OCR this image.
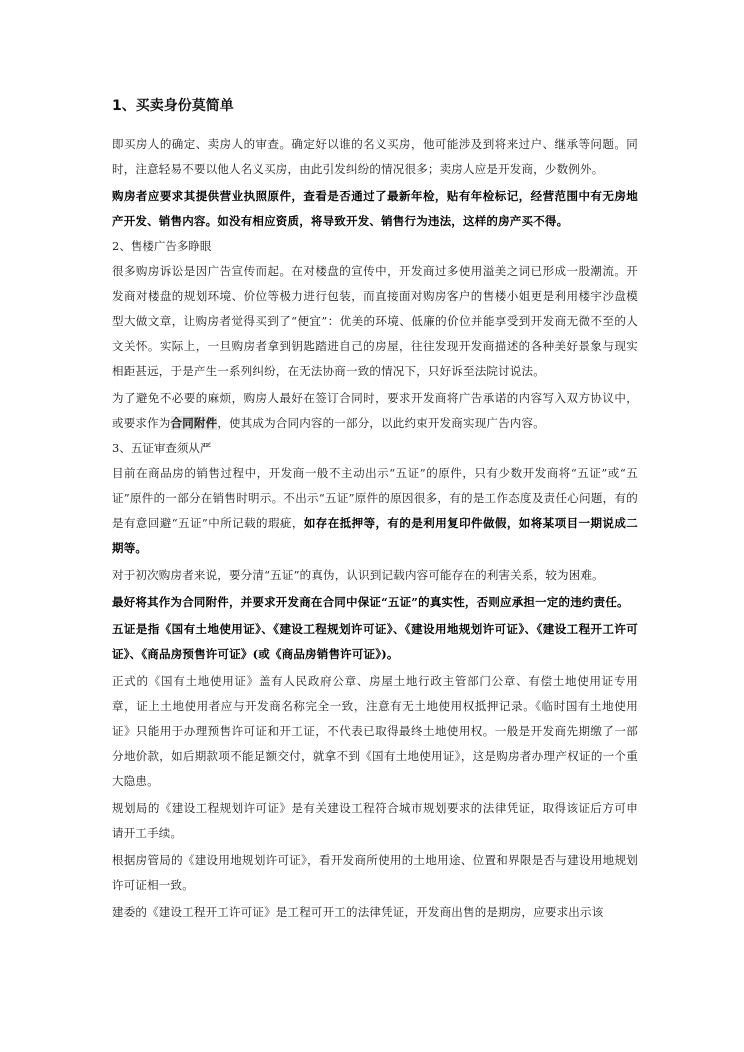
1、买卖身份莫简单

即买房人的确定、卖房人的审查。确定好以谁的名义买房，他可能涉及到将来过户、继承等问题。同时，注意轻易不要以他人名义买房，由此引发纠纷的情况很多；卖房人应是开发商，少数例外。

购房者应要求其提供营业执照原件，查看是否通过了最新年检，贴有年检标记，经营范围中有无房地产开发、销售内容。如没有相应资质，将导致开发、销售行为违法，这样的房产买不得。

2、售楼广告多睁眼

很多购房诉讼是因广告宣传而起。在对楼盘的宣传中，开发商过多使用溢美之词已形成一股潮流。开发商对楼盘的规划环境、价位等极力进行包装，而直接面对购房客户的售楼小姐更是利用楼宇沙盘模型大做文章，让购房者觉得买到了“便宜”：优美的环境、低廉的价位并能享受到开发商无微不至的人文关怀。实际上，一旦购房者拿到钥匙踏进自己的房屋，往往发现开发商描述的各种美好景象与现实相距甚远，于是产生一系列纠纷，在无法协商一致的情况下，只好诉至法院讨说法。

为了避免不必要的麻烦，购房人最好在签订合同时，要求开发商将广告承诺的内容写入双方协议中，或要求作为合同附件，使其成为合同内容的一部分，以此约束开发商实现广告内容。

3、五证审查须从严

目前在商品房的销售过程中，开发商一般不主动出示“五证”的原件，只有少数开发商将“五证”或“五证”原件的一部分在销售时明示。不出示“五证”原件的原因很多，有的是工作态度及责任心问题，有的是有意回避“五证”中所记载的瑕疵，如存在抵押等，有的是利用复印件做假，如将某项目一期说成二期等。

对于初次购房者来说，要分清“五证”的真伪，认识到记载内容可能存在的利害关系，较为困难。

最好将其作为合同附件，并要求开发商在合同中保证“五证”的真实性，否则应承担一定的违约责任。

五证是指《国有土地使用证》、《建设工程规划许可证》、《建设用地规划许可证》、《建设工程开工许可证》、《商品房预售许可证》(或《商品房销售许可证》)。

正式的《国有土地使用证》盖有人民政府公章、房屋土地行政主管部门公章、有偿土地使用证专用章，证上土地使用者应与开发商名称完全一致，注意有无土地使用权抵押记录。《临时国有土地使用证》只能用于办理预售许可证和开工证，不代表已取得最终土地使用权。一般是开发商先期缴了一部分地价款，如后期款项不能足额交付，就拿不到《国有土地使用证》，这是购房者办理产权证的一个重大隐患。

规划局的《建设工程规划许可证》是有关建设工程符合城市规划要求的法律凭证，取得该证后方可申请开工手续。

根据房管局的《建设用地规划许可证》，看开发商所使用的土地用途、位置和界限是否与建设用地规划许可证相一致。

建委的《建设工程开工许可证》是工程可开工的法律凭证，开发商出售的是期房，应要求出示该
